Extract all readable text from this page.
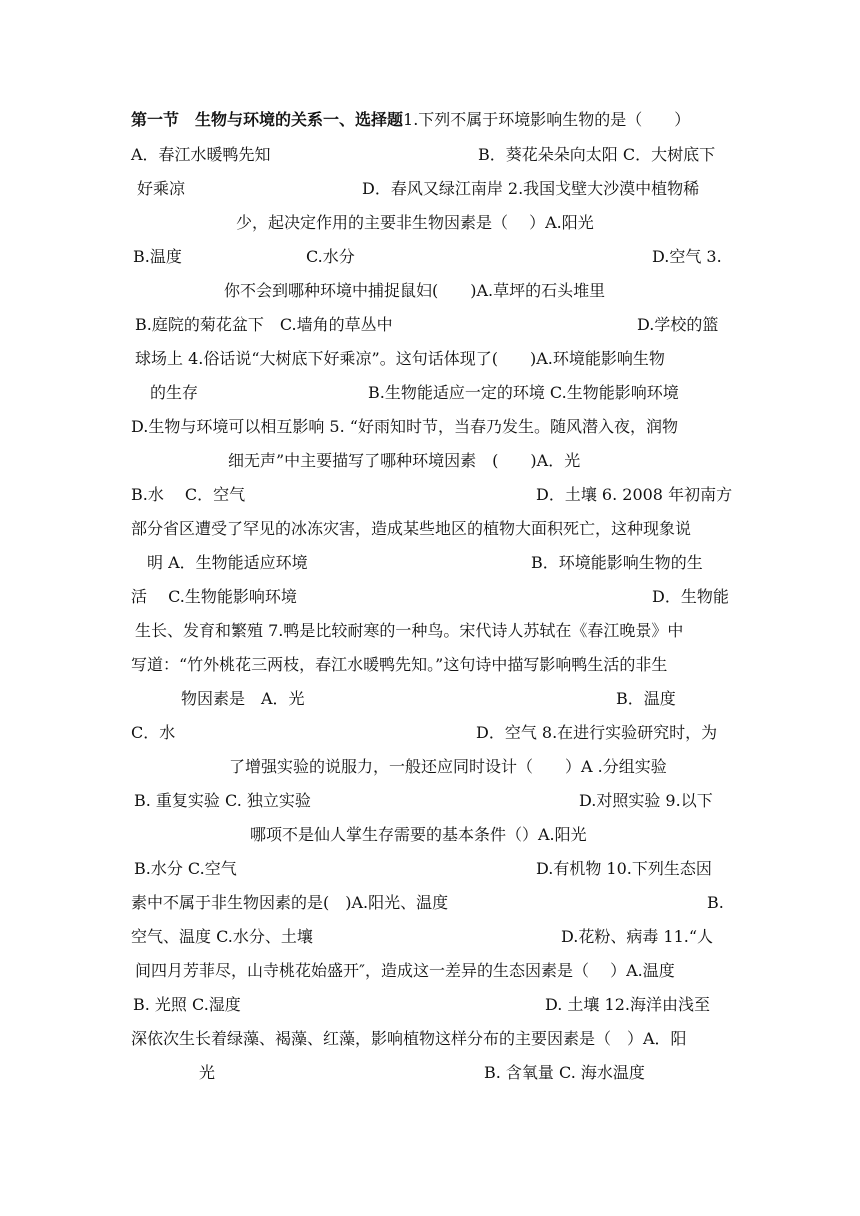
第一节　生物与环境的关系一、选择题1.下列不属于环境影响生物的是（　　）
A．春江水暖鸭先知	B．葵花朵朵向太阳 C．大树底下
好乘凉	D．春风又绿江南岸 2.我国戈壁大沙漠中植物稀
少，起决定作用的主要非生物因素是（　 ）A.阳光
B.温度	C.水分	D.空气 3.
你不会到哪种环境中捕捉鼠妇(　　)A.草坪的石头堆里
B.庭院的菊花盆下　C.墙角的草丛中	D.学校的篮
球场上 4.俗话说“大树底下好乘凉”。这句话体现了(　　)A.环境能影响生物
的生存	B.生物能适应一定的环境 C.生物能影响环境
D.生物与环境可以相互影响 5. “好雨知时节，当春乃发生。随风潜入夜，润物
细无声”中主要描写了哪种环境因素　(　　)A．光
B.水　 C．空气	D．土壤 6. 2008 年初南方
部分省区遭受了罕见的冰冻灾害，造成某些地区的植物大面积死亡，这种现象说
明 A．生物能适应环境	B．环境能影响生物的生
活　 C.生物能影响环境	D．生物能
生长、发育和繁殖 7.鸭是比较耐寒的一种鸟。宋代诗人苏轼在《春江晚景》中
写道：“竹外桃花三两枝，春江水暖鸭先知。”这句诗中描写影响鸭生活的非生
物因素是　A．光	B．温度
C．水	D．空气 8.在进行实验研究时，为
了增强实验的说服力，一般还应同时设计（　　）A .分组实验
B. 重复实验 C. 独立实验	D.对照实验 9.以下
哪项不是仙人掌生存需要的基本条件（）A.阳光
B.水分 C.空气	D.有机物 10.下列生态因
素中不属于非生物因素的是(　)A.阳光、温度	B.
空气、温度 C.水分、土壤	D.花粉、病毒 11.“人
间四月芳菲尽，山寺桃花始盛开″，造成这一差异的生态因素是（　 ）A.温度
B. 光照 C.湿度	D. 土壤 12.海洋由浅至
深依次生长着绿藻、褐藻、红藻，影响植物这样分布的主要因素是（　）A．阳
光	B. 含氧量 C. 海水温度
